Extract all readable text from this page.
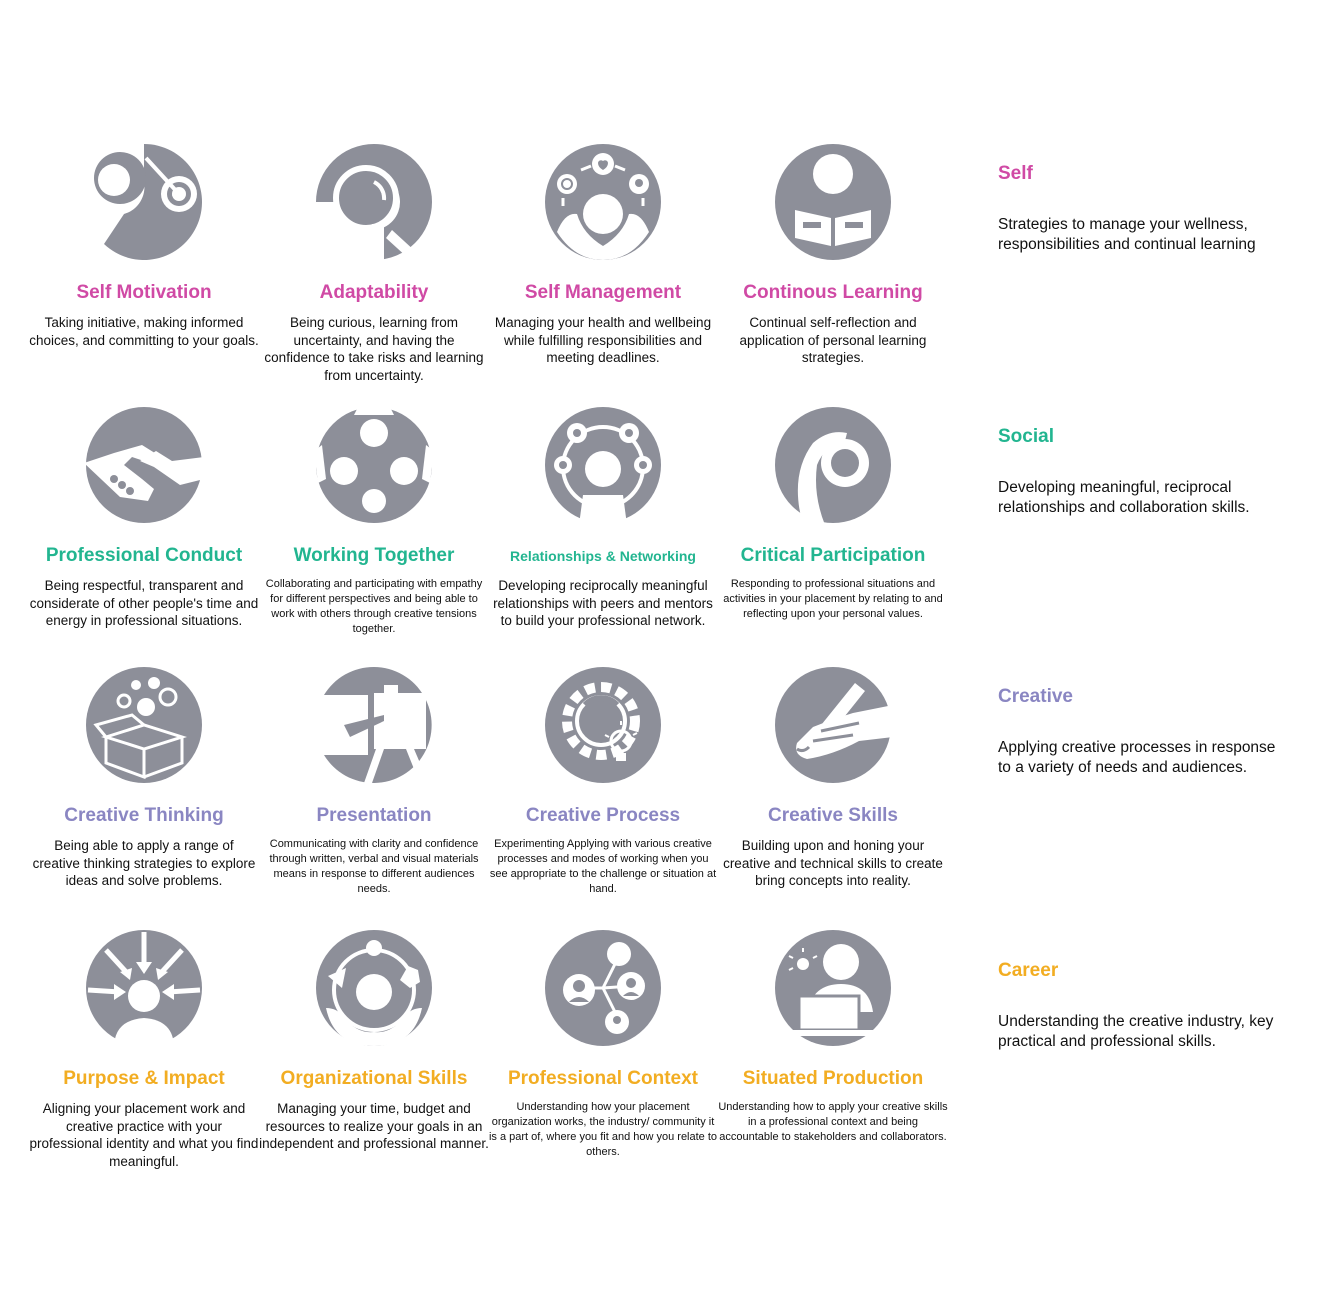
Self Motivation
Taking initiative, making informed choices, and committing to your goals.
Adaptability
Being curious, learning from uncertainty, and having the confidence to take risks and learning from uncertainty.
Self Management
Managing your health and wellbeing while fulfilling responsibilities and meeting deadlines.
Continous Learning
Continual self-reflection and application of personal learning strategies.
Professional Conduct
Being respectful, transparent and considerate of other people's time and energy in professional situations.
Working Together
Collaborating and participating with empathy for different perspectives and being able to work with others through creative tensions together.
Relationships & Networking
Developing reciprocally meaningful relationships with peers and mentors to build your professional network.
Critical Participation
Responding to professional situations and activities in your placement by relating to and reflecting upon your personal values.
Creative Thinking
Being able to apply a range of creative thinking strategies to explore ideas and solve problems.
Presentation
Communicating with clarity and confidence through written, verbal and visual materials means in response to different audiences needs.
Creative Process
Experimenting Applying with various creative processes and modes of working when you see appropriate to the challenge or situation at hand.
Creative Skills
Building upon and honing your creative and technical skills to create bring concepts into reality.
Purpose & Impact
Aligning your placement work and creative practice with your professional identity and what you find meaningful.
Organizational Skills
Managing your time, budget and resources to realize your goals in an independent and professional manner.
Professional Context
Understanding how your placement organization works, the industry/ community it is a part of, where you fit and how you relate to others.
Situated Production
Understanding how to apply your creative skills in a professional context and being accountable to stakeholders and collaborators.
Self
Strategies to manage your wellness, responsibilities and continual learning
Social
Developing meaningful, reciprocal relationships and collaboration skills.
Creative
Applying creative processes in response to a variety of needs and audiences.
Career
Understanding the creative industry, key practical and professional skills.
